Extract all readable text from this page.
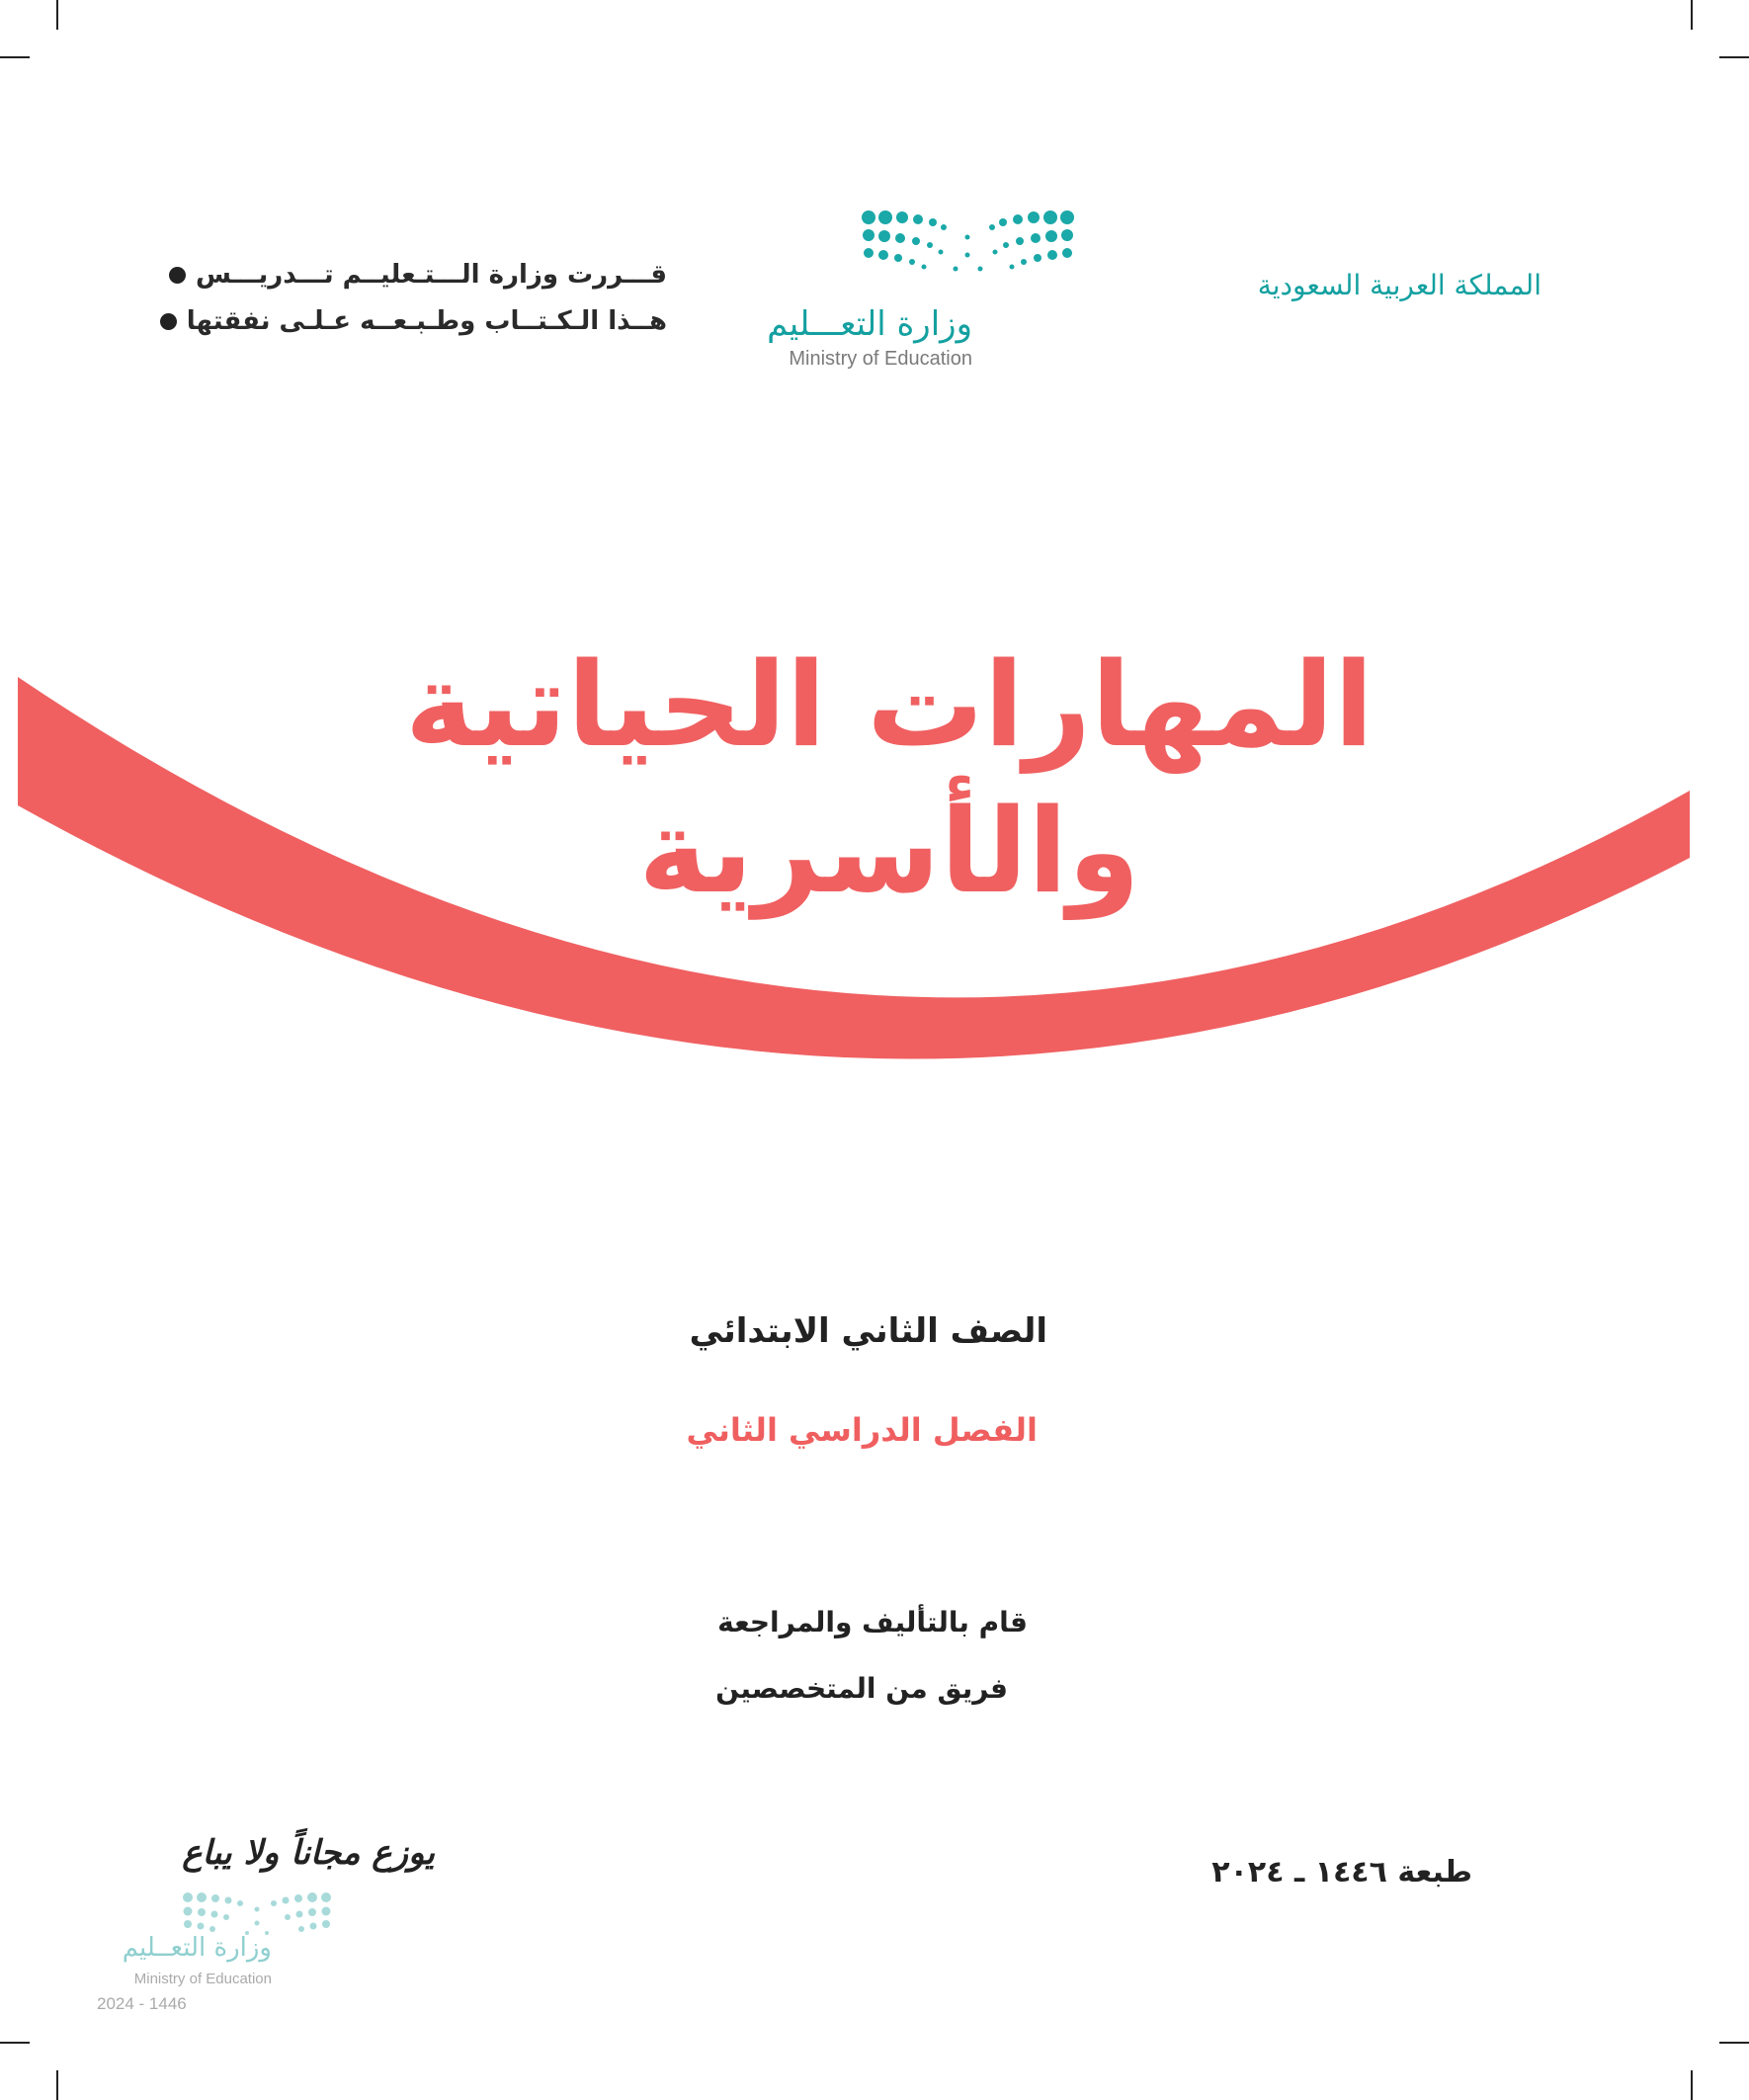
المملكة العربية السعودية
وزارة التعـــليم
Ministry of Education
قـــررت وزارة الـــتـعليــم تـــدريـــس
هــذا الـكـتــاب وطـبـعــه عـلـى نفقتها
المهارات الحياتية والأسرية
الصف الثاني الابتدائي
الفصل الدراسي الثاني
قام بالتأليف والمراجعة
فريق من المتخصصين
طبعة ١٤٤٦ ـ ٢٠٢٤
يوزع مجاناً ولا يباع
وزارة التعــليم
Ministry of Education
2024 - 1446
